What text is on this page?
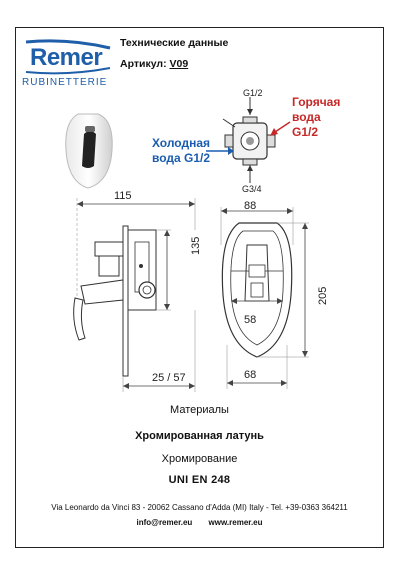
Remer
RUBINETTERIE
Технические данные
Артикул: V09
G1/2
G3/4
Горячая
вода
G1/2
Холодная
вода G1/2
115
135
25 / 57
88
58
205
68
Материалы
Хромированная латунь
Хромирование
UNI EN 248
Via Leonardo da Vinci 83 - 20062 Cassano d'Adda (MI) Italy - Tel. +39-0363 364211
info@remer.eu www.remer.eu
